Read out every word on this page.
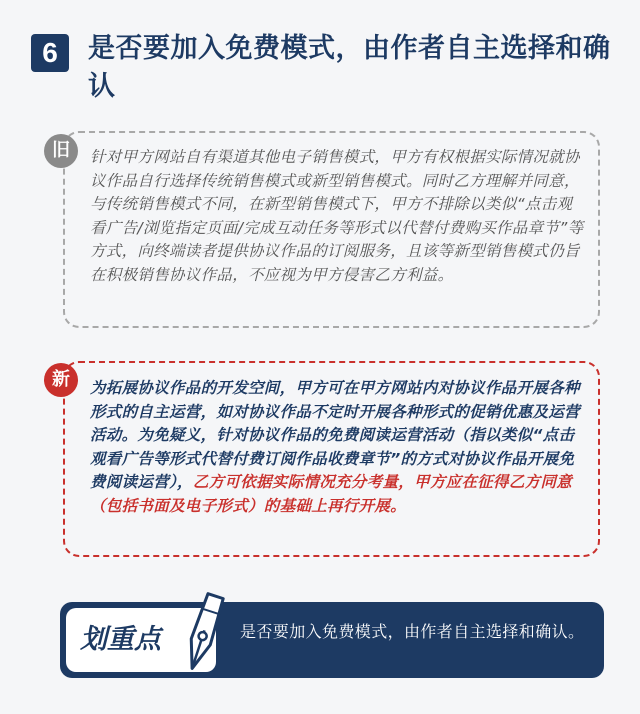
6	是否要加入免费模式，由作者自主选择和确认
旧	针对甲方网站自有渠道其他电子销售模式，甲方有权根据实际情况就协议作品自行选择传统销售模式或新型销售模式。同时乙方理解并同意，与传统销售模式不同，在新型销售模式下，甲方不排除以类似“点击观看广告/浏览指定页面/完成互动任务等形式以代替付费购买作品章节”等方式，向终端读者提供协议作品的订阅服务，且该等新型销售模式仍旨在积极销售协议作品，不应视为甲方侵害乙方利益。
新	为拓展协议作品的开发空间，甲方可在甲方网站内对协议作品开展各种形式的自主运营，如对协议作品不定时开展各种形式的促销优惠及运营活动。为免疑义，针对协议作品的免费阅读运营活动（指以类似“点击观看广告等形式代替付费订阅作品收费章节”的方式对协议作品开展免费阅读运营），乙方可依据实际情况充分考量，甲方应在征得乙方同意（包括书面及电子形式）的基础上再行开展。
划重点	是否要加入免费模式，由作者自主选择和确认。
